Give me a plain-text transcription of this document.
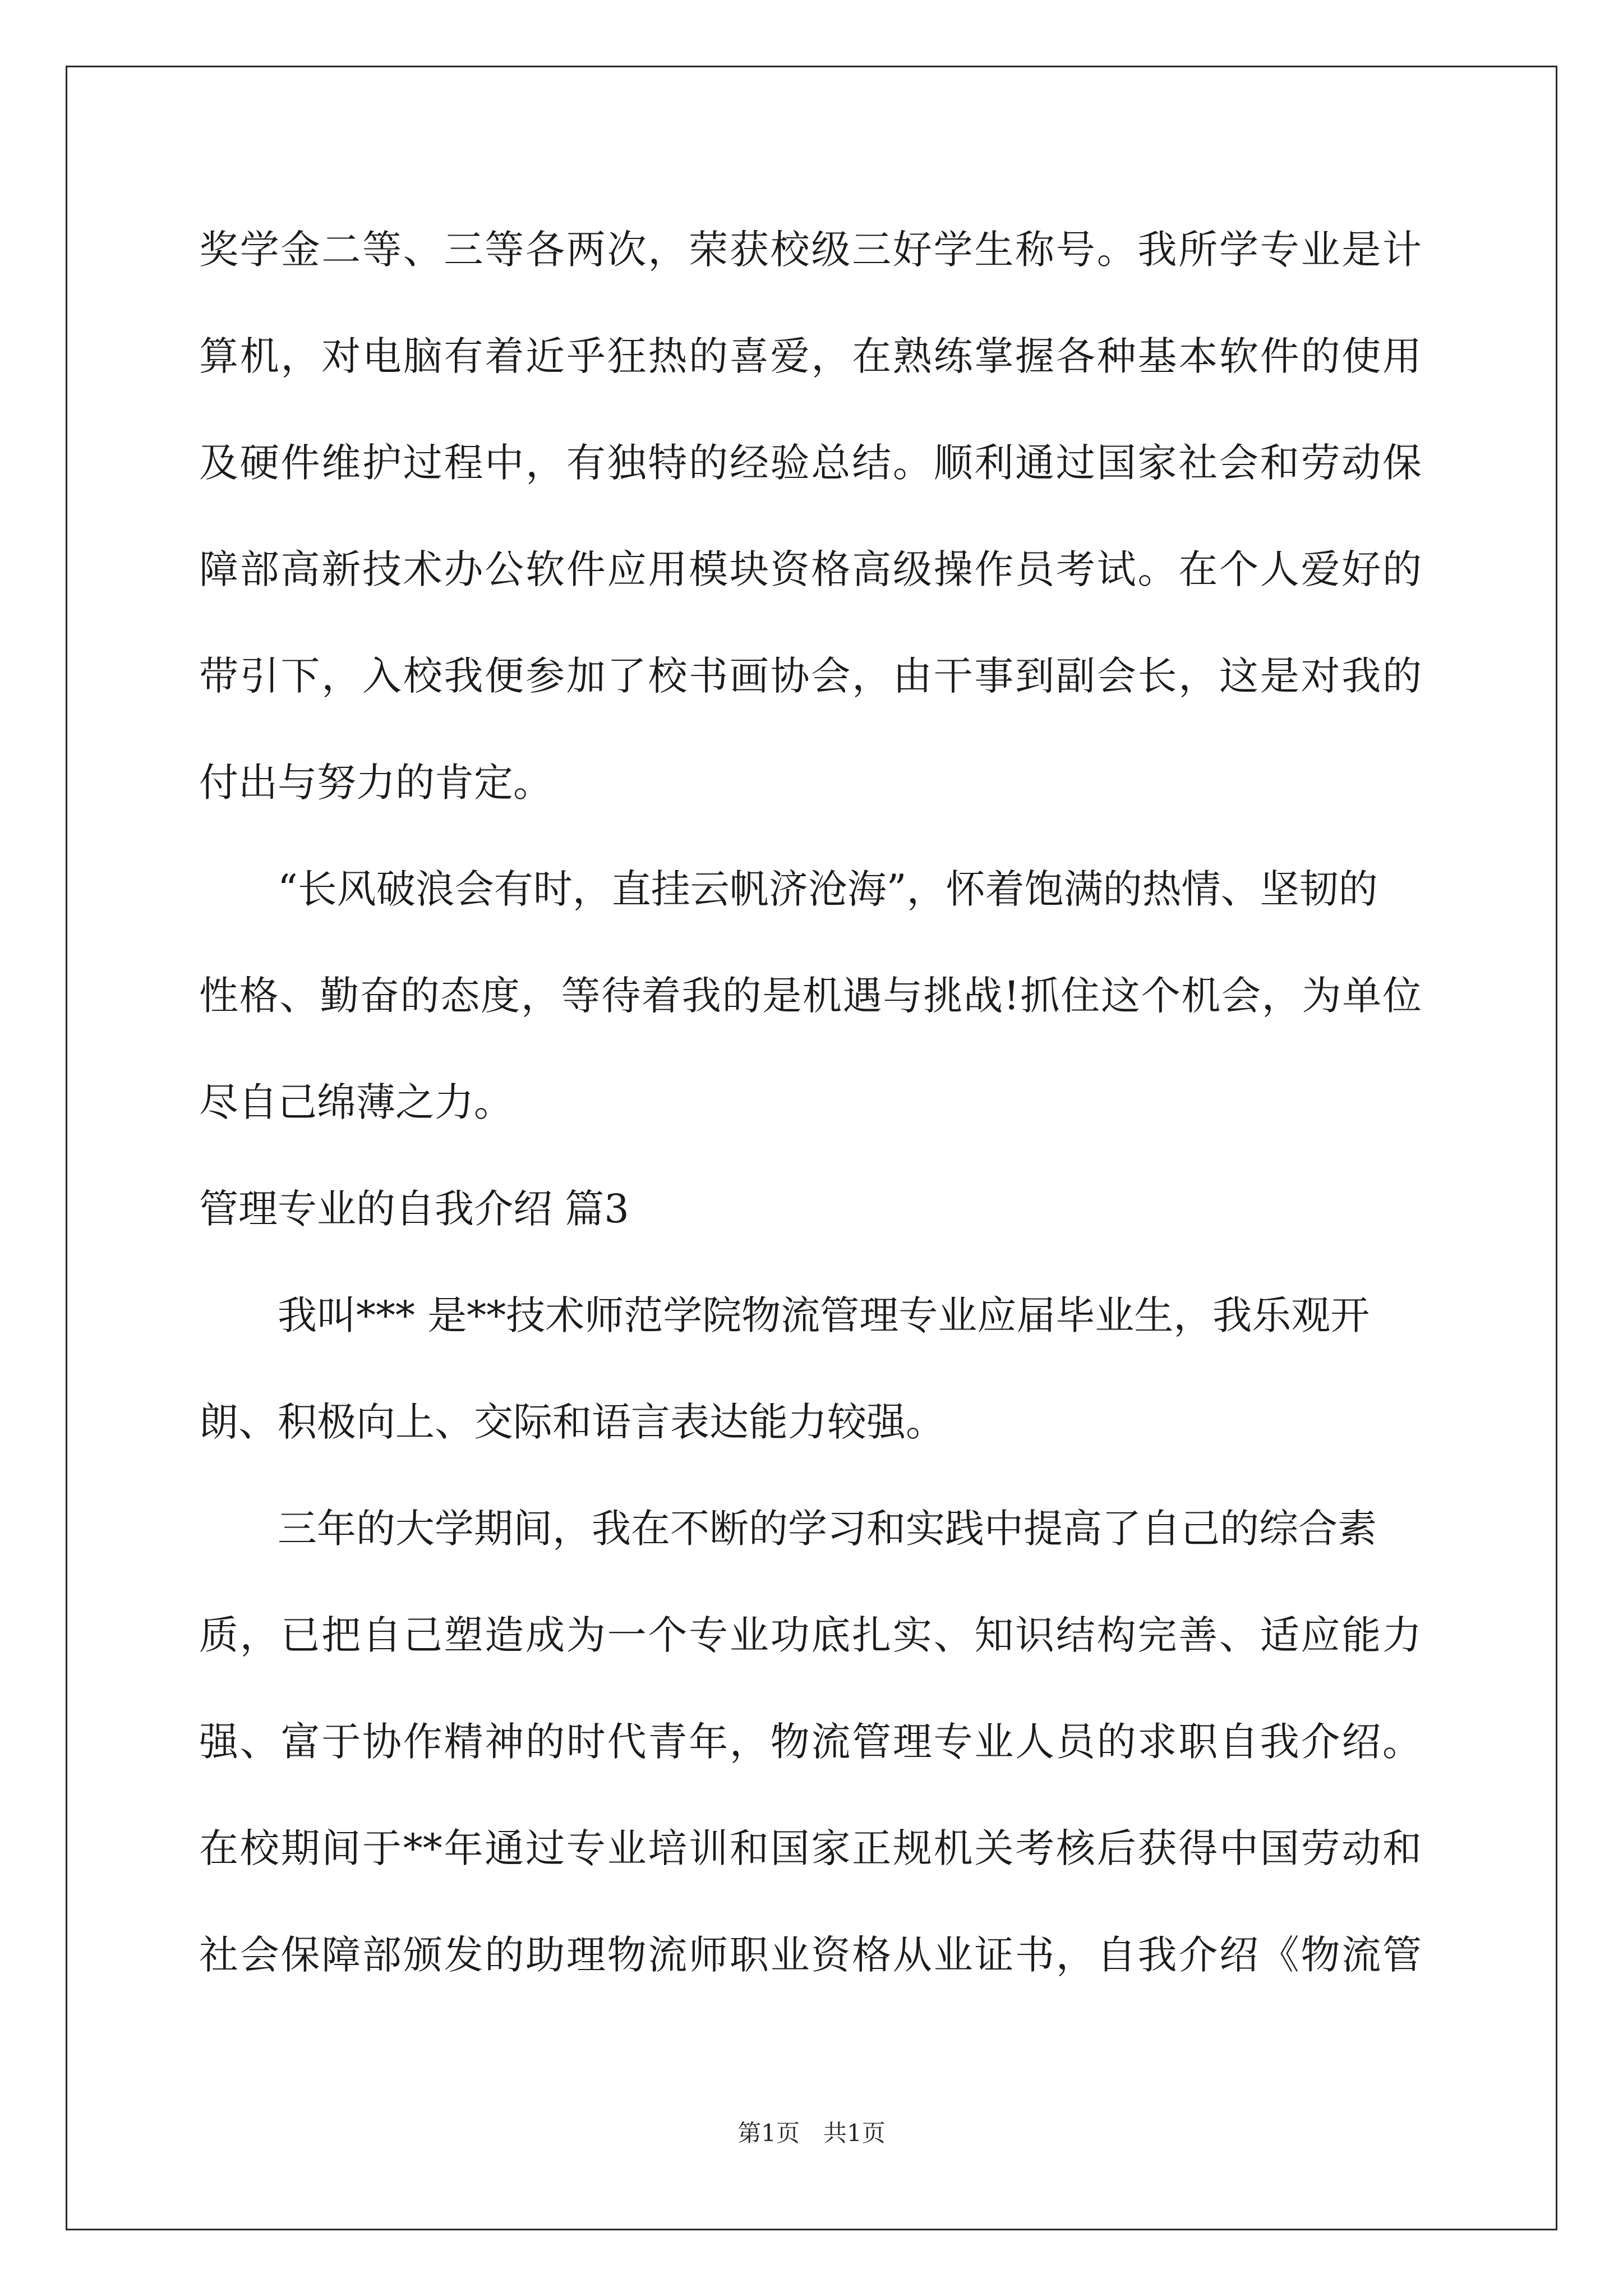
奖学金二等、三等各两次，荣获校级三好学生称号。我所学专业是计
算机，对电脑有着近乎狂热的喜爱，在熟练掌握各种基本软件的使用
及硬件维护过程中，有独特的经验总结。顺利通过国家社会和劳动保
障部高新技术办公软件应用模块资格高级操作员考试。在个人爱好的
带引下，入校我便参加了校书画协会，由干事到副会长，这是对我的
付出与努力的肯定。
“长风破浪会有时，直挂云帆济沧海”，怀着饱满的热情、坚韧的
性格、勤奋的态度，等待着我的是机遇与挑战!抓住这个机会，为单位
尽自己绵薄之力。
管理专业的自我介绍 篇3
我叫*** 是**技术师范学院物流管理专业应届毕业生，我乐观开
朗、积极向上、交际和语言表达能力较强。
三年的大学期间，我在不断的学习和实践中提高了自己的综合素
质，已把自己塑造成为一个专业功底扎实、知识结构完善、适应能力
强、富于协作精神的时代青年，物流管理专业人员的求职自我介绍。
在校期间于**年通过专业培训和国家正规机关考核后获得中国劳动和
社会保障部颁发的助理物流师职业资格从业证书，自我介绍《物流管
第1页　共1页
